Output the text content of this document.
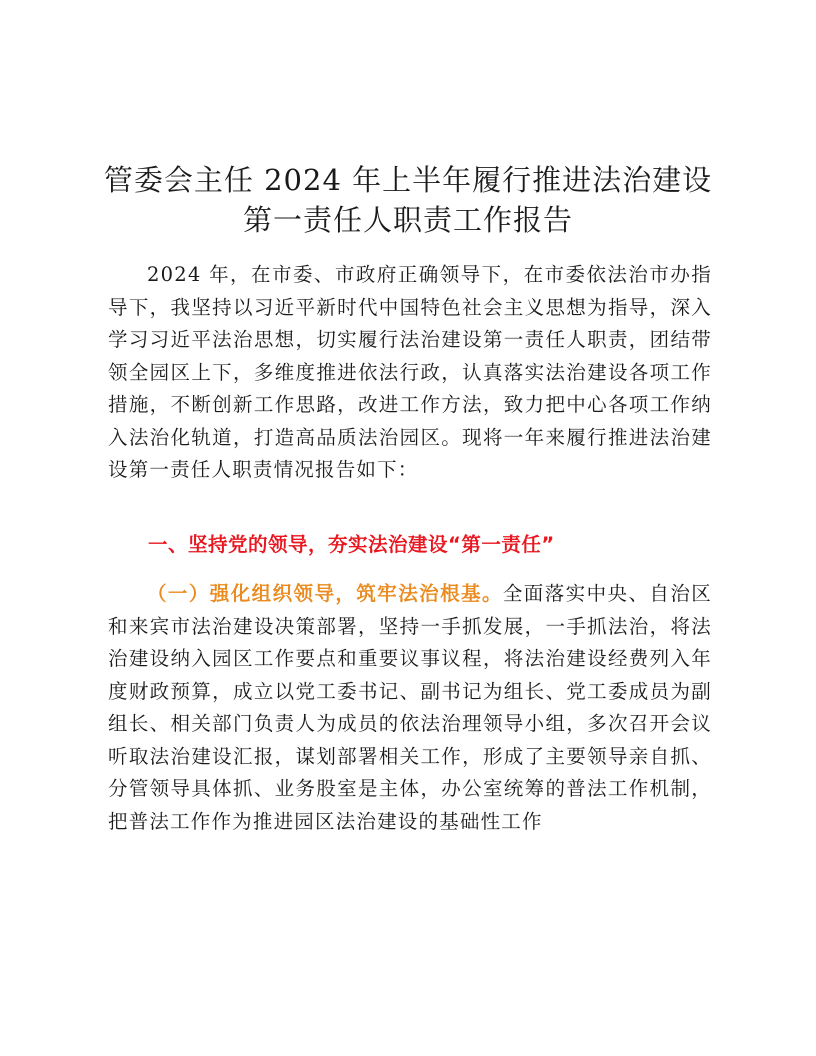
管委会主任 2024 年上半年履行推进法治建设
第一责任人职责工作报告

2024 年，在市委、市政府正确领导下，在市委依法治市办指导下，我坚持以习近平新时代中国特色社会主义思想为指导，深入学习习近平法治思想，切实履行法治建设第一责任人职责，团结带领全园区上下，多维度推进依法行政，认真落实法治建设各项工作措施，不断创新工作思路，改进工作方法，致力把中心各项工作纳入法治化轨道，打造高品质法治园区。现将一年来履行推进法治建设第一责任人职责情况报告如下：

一、坚持党的领导，夯实法治建设“第一责任”

（一）强化组织领导，筑牢法治根基。全面落实中央、自治区和来宾市法治建设决策部署，坚持一手抓发展，一手抓法治，将法治建设纳入园区工作要点和重要议事议程，将法治建设经费列入年度财政预算，成立以党工委书记、副书记为组长、党工委成员为副组长、相关部门负责人为成员的依法治理领导小组，多次召开会议听取法治建设汇报，谋划部署相关工作，形成了主要领导亲自抓、分管领导具体抓、业务股室是主体，办公室统筹的普法工作机制，把普法工作作为推进园区法治建设的基础性工作
